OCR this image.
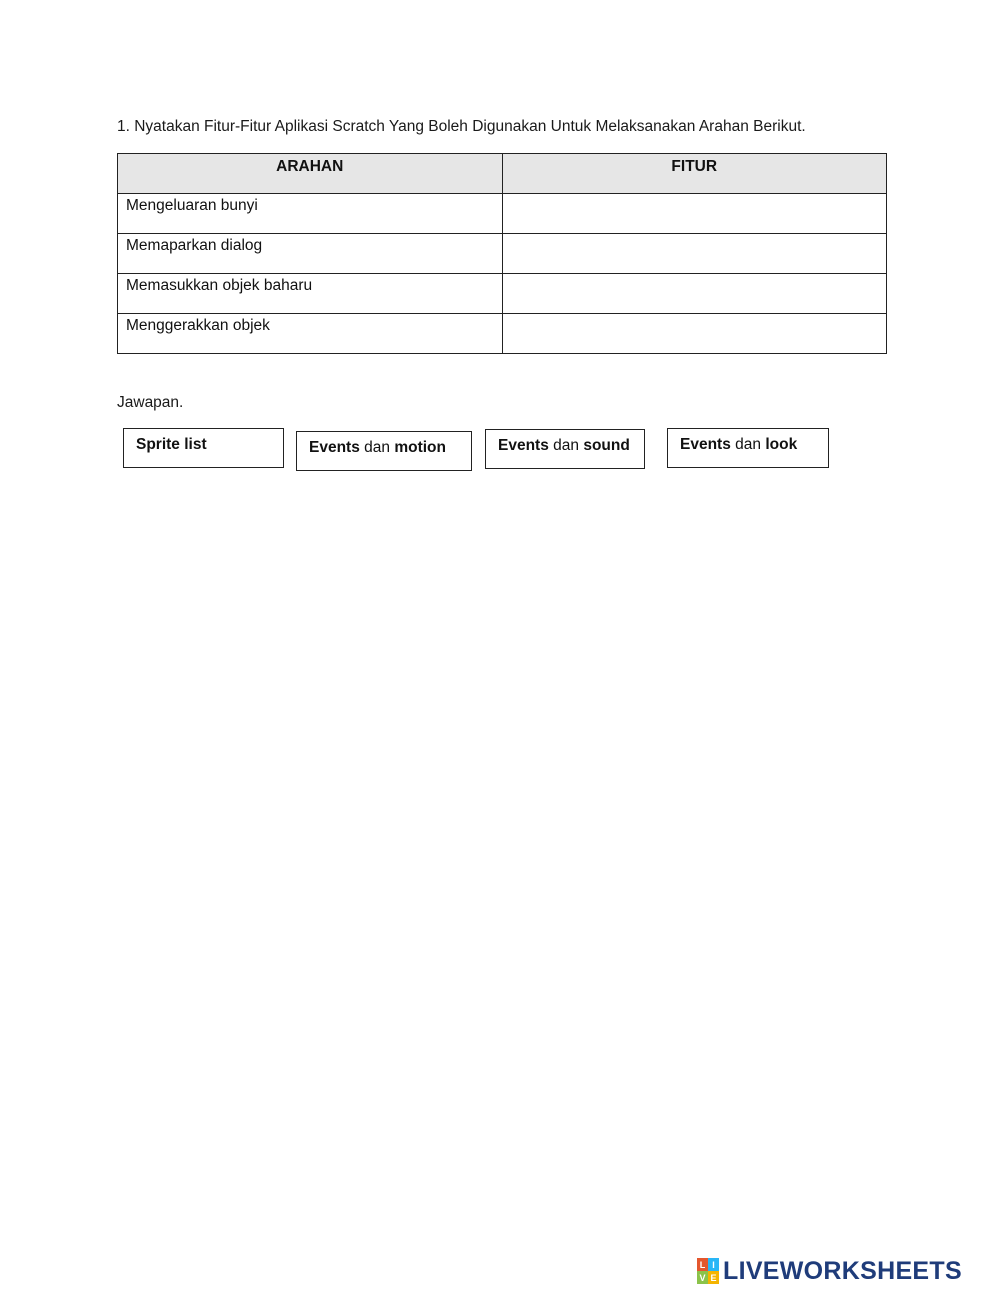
1. Nyatakan Fitur-Fitur Aplikasi Scratch Yang Boleh Digunakan Untuk Melaksanakan Arahan Berikut.
ARAHAN	FITUR
Mengeluaran bunyi	
Memaparkan dialog	
Memasukkan objek baharu	
Menggerakkan objek	
Jawapan.
Sprite list	Events dan motion	Events dan sound	Events dan look
L I
V E LIVEWORKSHEETS
